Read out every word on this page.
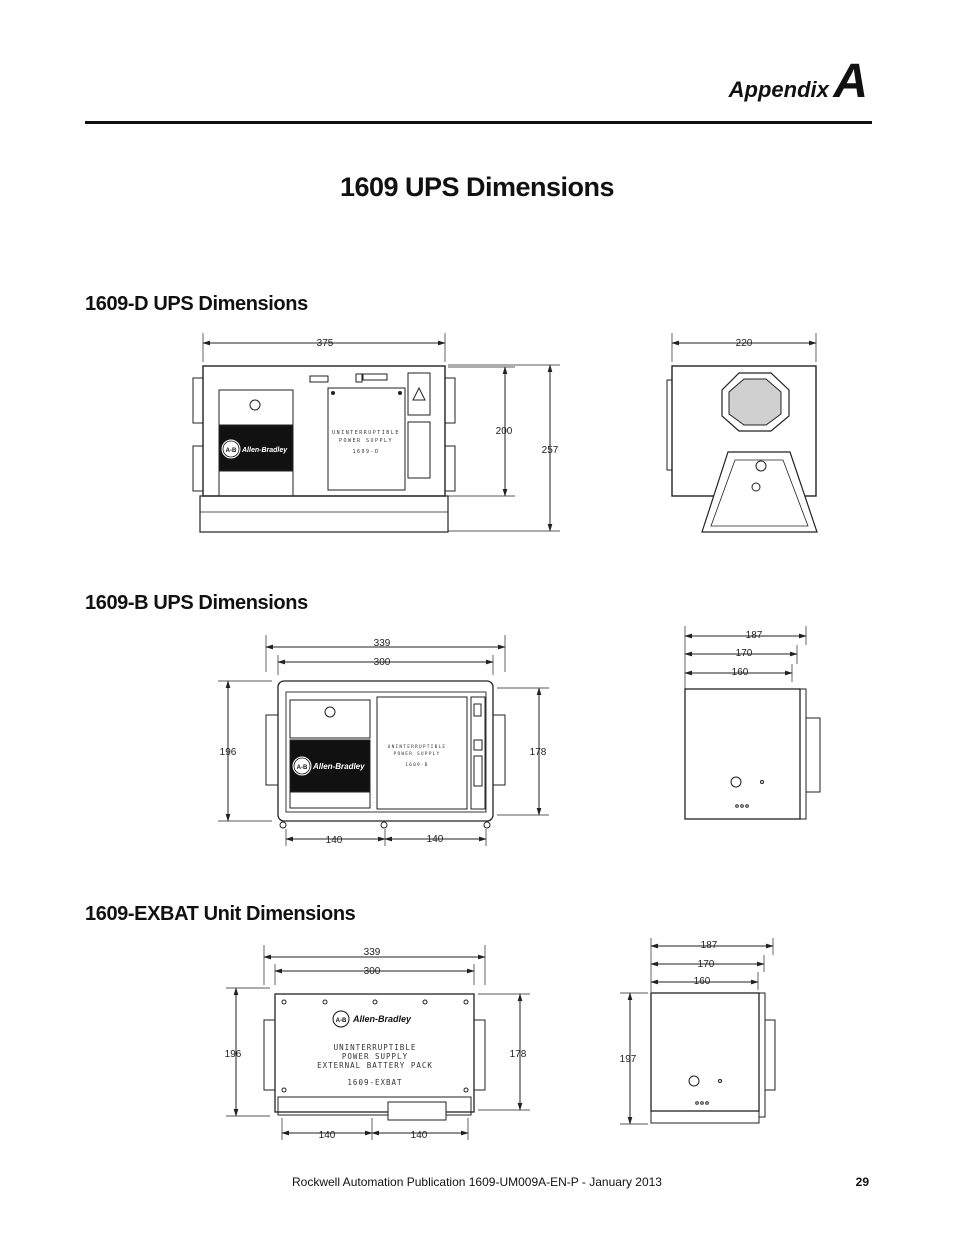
Appendix A
1609 UPS Dimensions
1609-D UPS Dimensions
1609-B UPS Dimensions
1609-EXBAT Unit Dimensions
375
200
257
220
339
300
196	178
140	140
187
170
160
339
300
196	178
140	140
187
170
160
197
A-B Allen-Bradley
UNINTERRUPTIBLE
POWER SUPPLY
1609-D
A-B Allen-Bradley
UNINTERRUPTIBLE
POWER SUPPLY
1609-B
A-B Allen-Bradley
UNINTERRUPTIBLE
POWER SUPPLY
EXTERNAL BATTERY PACK
1609-EXBAT
Rockwell Automation Publication 1609-UM009A-EN-P - January 2013	29
